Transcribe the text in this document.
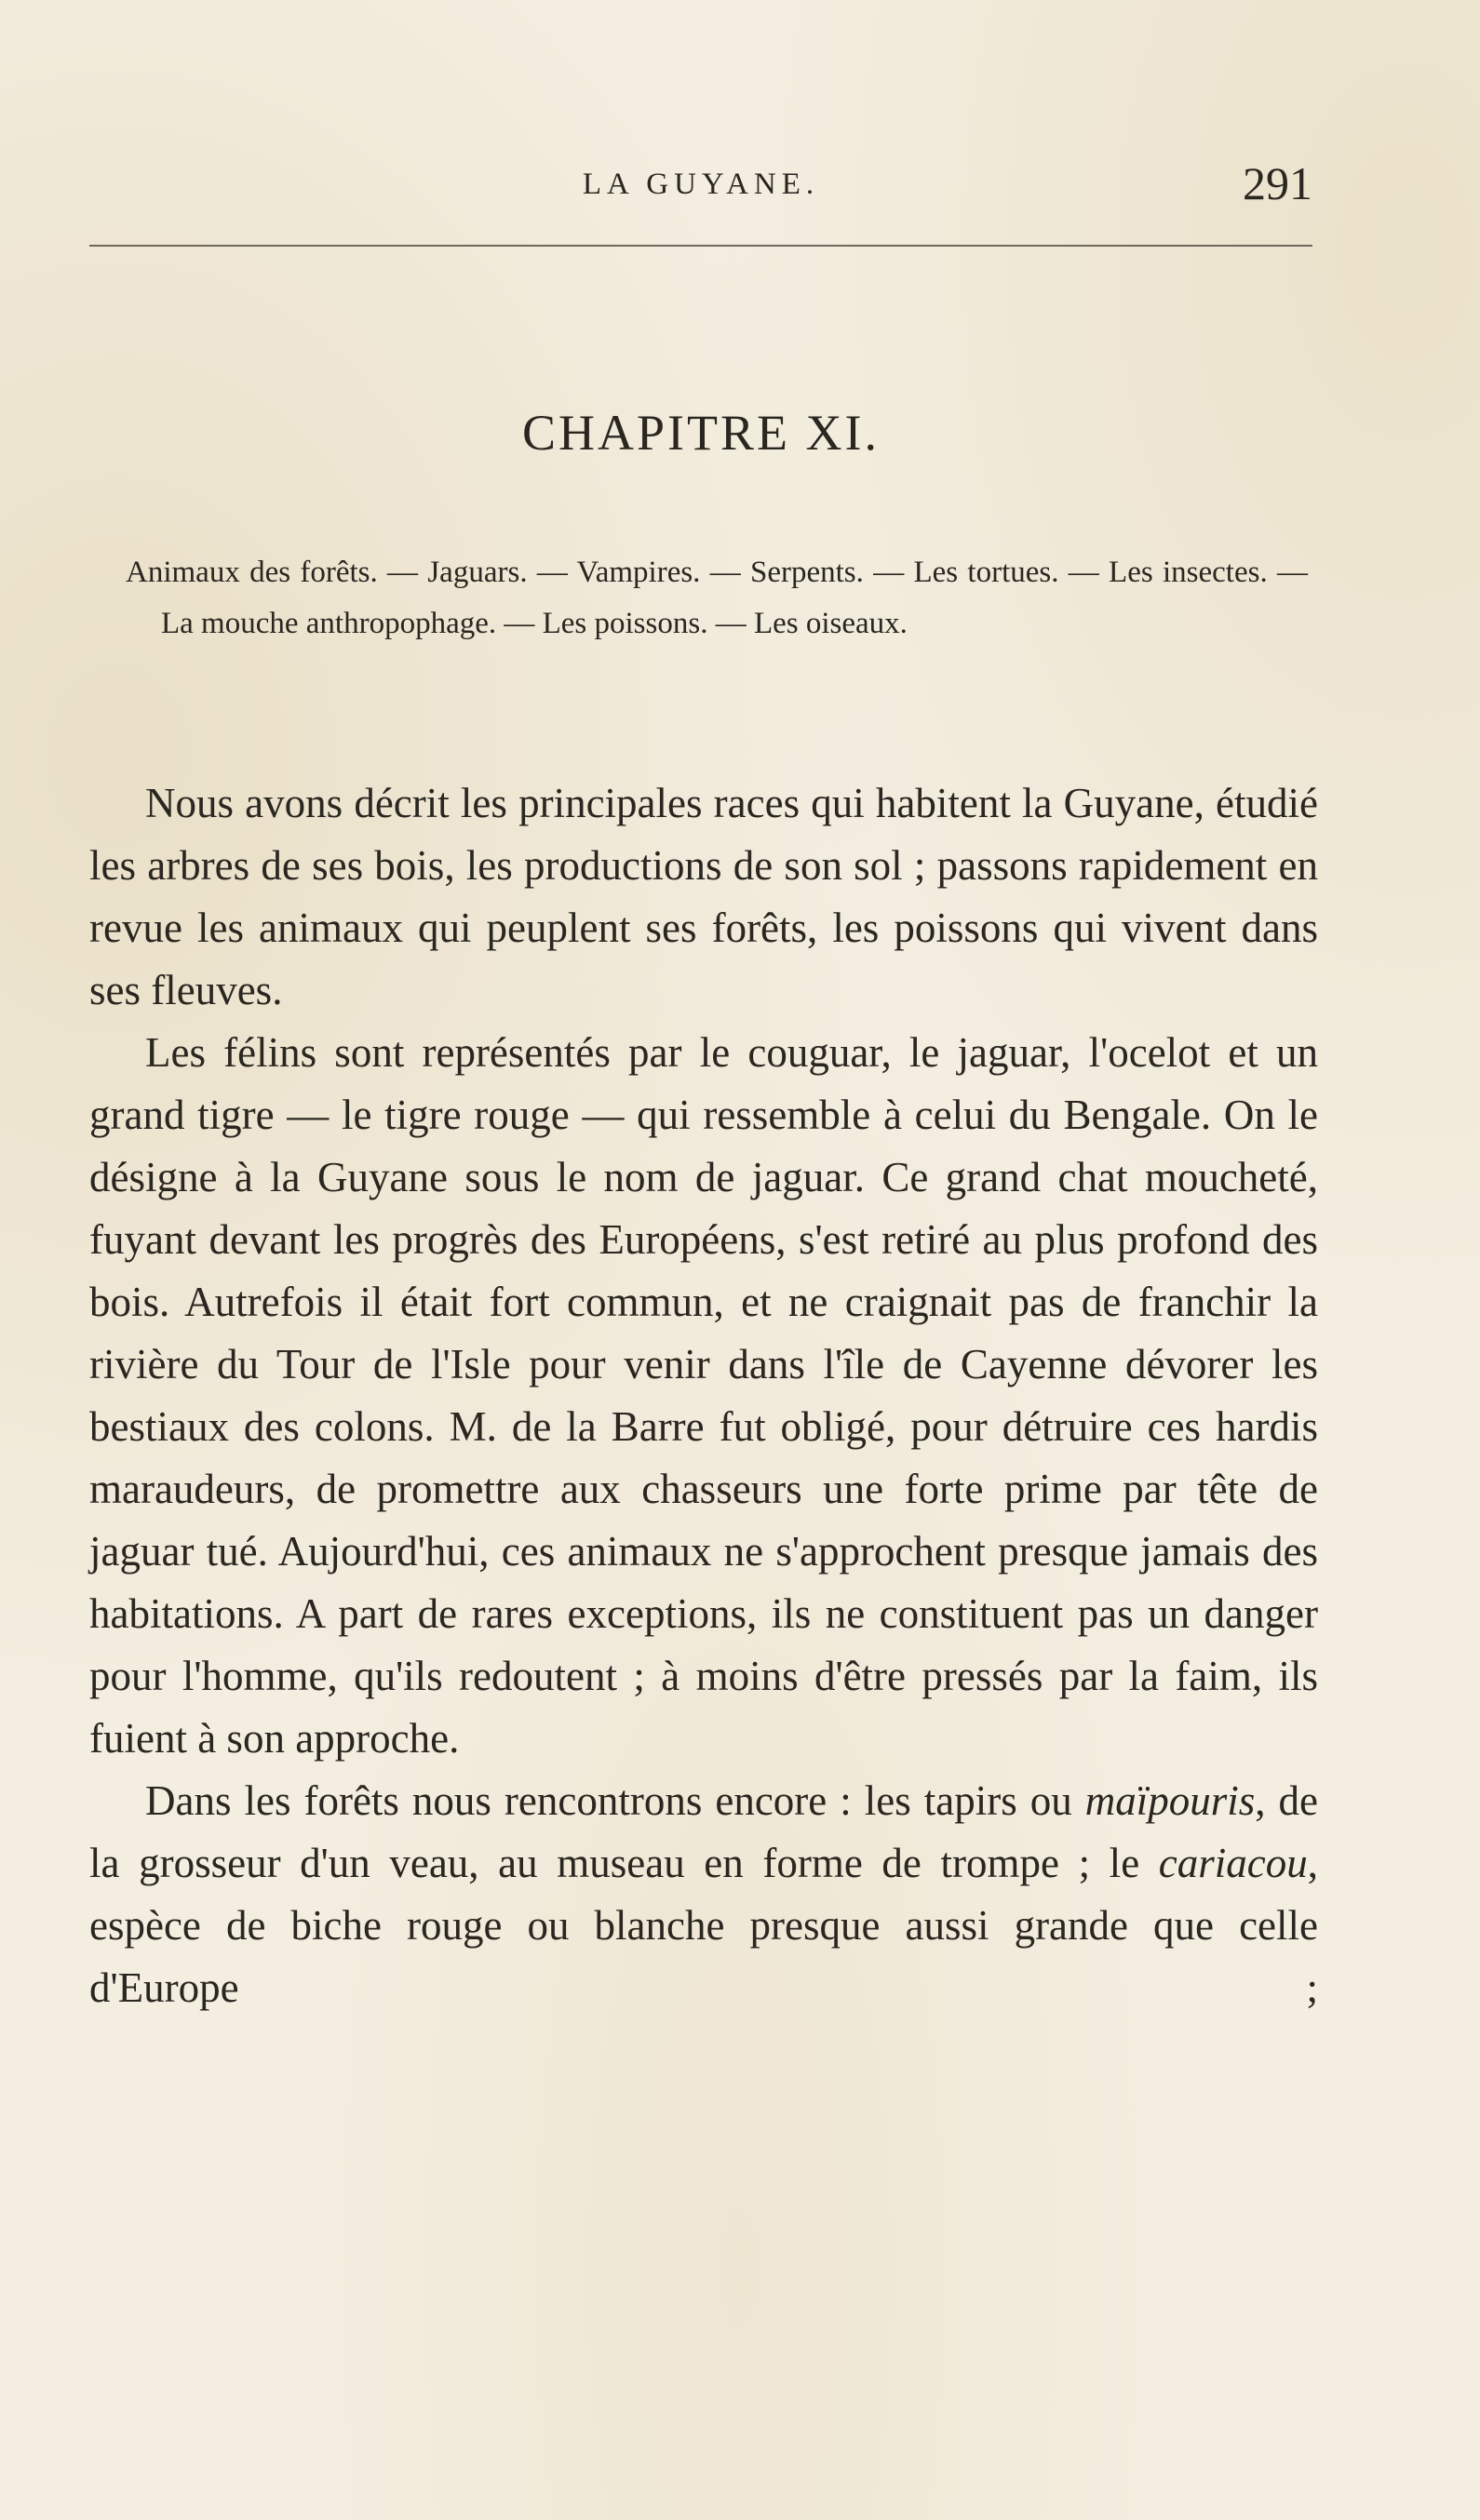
LA GUYANE.	291
CHAPITRE XI.

Animaux des forêts. — Jaguars. — Vampires. — Serpents. — Les tortues. — Les insectes. — La mouche anthropophage. — Les poissons. — Les oiseaux.

Nous avons décrit les principales races qui habitent la Guyane, étudié les arbres de ses bois, les productions de son sol ; passons rapidement en revue les animaux qui peuplent ses forêts, les poissons qui vivent dans ses fleuves.

Les félins sont représentés par le couguar, le jaguar, l'ocelot et un grand tigre — le tigre rouge — qui ressemble à celui du Bengale. On le désigne à la Guyane sous le nom de jaguar. Ce grand chat moucheté, fuyant devant les progrès des Européens, s'est retiré au plus profond des bois. Autrefois il était fort commun, et ne craignait pas de franchir la rivière du Tour de l'Isle pour venir dans l'île de Cayenne dévorer les bestiaux des colons. M. de la Barre fut obligé, pour détruire ces hardis maraudeurs, de promettre aux chasseurs une forte prime par tête de jaguar tué. Aujourd'hui, ces animaux ne s'approchent presque jamais des habitations. A part de rares exceptions, ils ne constituent pas un danger pour l'homme, qu'ils redoutent ; à moins d'être pressés par la faim, ils fuient à son approche.

Dans les forêts nous rencontrons encore : les tapirs ou maïpouris, de la grosseur d'un veau, au museau en forme de trompe ; le cariacou, espèce de biche rouge ou blanche presque aussi grande que celle d'Europe ;
